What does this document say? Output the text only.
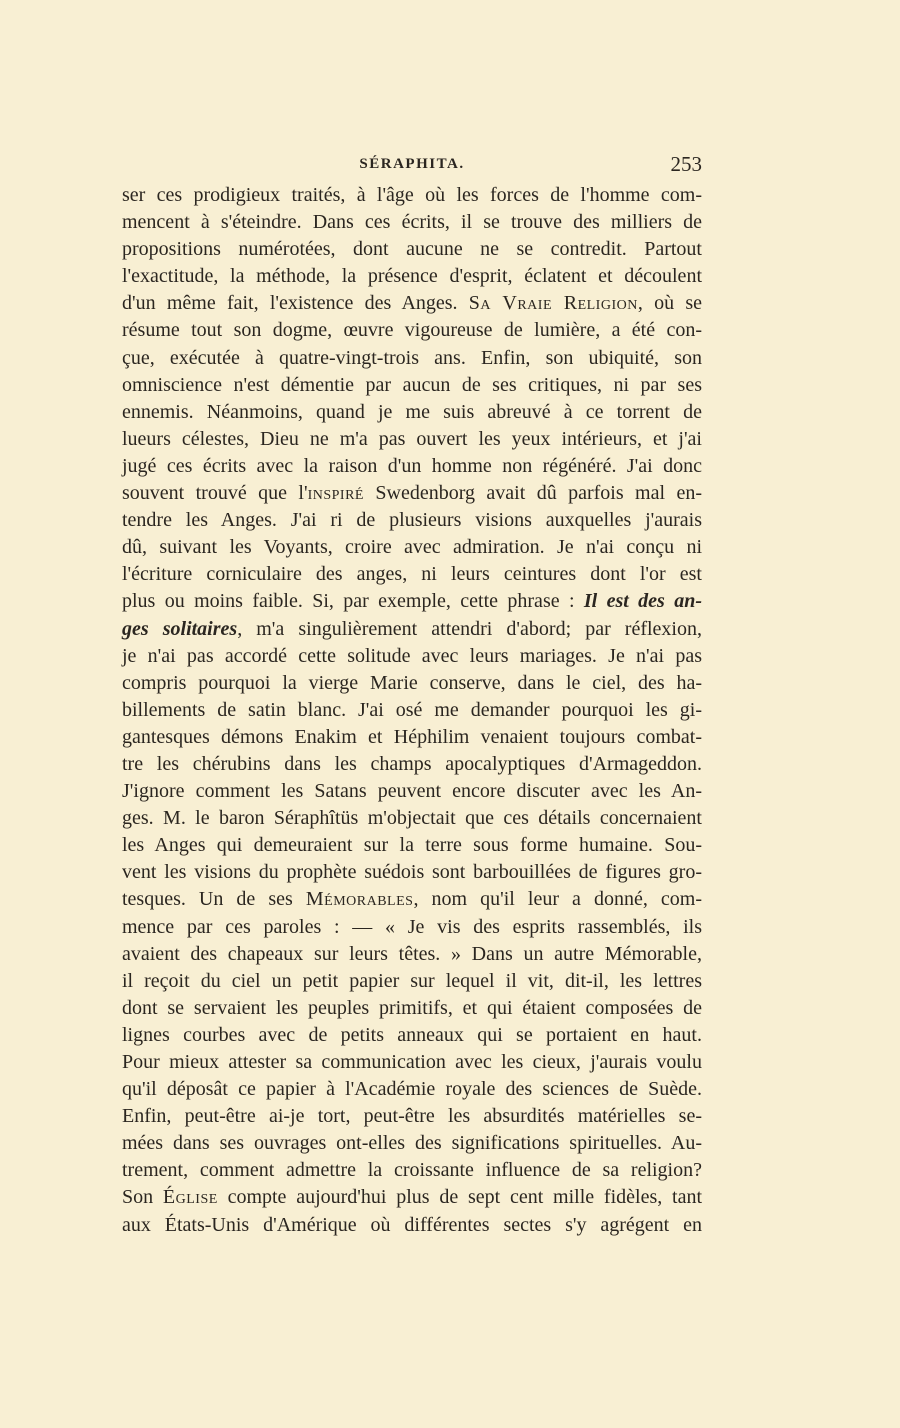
SÉRAPHITA.	253
ser ces prodigieux traités, à l'âge où les forces de l'homme com-
mencent à s'éteindre. Dans ces écrits, il se trouve des milliers de
propositions numérotées, dont aucune ne se contredit. Partout
l'exactitude, la méthode, la présence d'esprit, éclatent et découlent
d'un même fait, l'existence des Anges. Sa Vraie Religion, où se
résume tout son dogme, œuvre vigoureuse de lumière, a été con-
çue, exécutée à quatre-vingt-trois ans. Enfin, son ubiquité, son
omniscience n'est démentie par aucun de ses critiques, ni par ses
ennemis. Néanmoins, quand je me suis abreuvé à ce torrent de
lueurs célestes, Dieu ne m'a pas ouvert les yeux intérieurs, et j'ai
jugé ces écrits avec la raison d'un homme non régénéré. J'ai donc
souvent trouvé que l'inspiré Swedenborg avait dû parfois mal en-
tendre les Anges. J'ai ri de plusieurs visions auxquelles j'aurais
dû, suivant les Voyants, croire avec admiration. Je n'ai conçu ni
l'écriture corniculaire des anges, ni leurs ceintures dont l'or est
plus ou moins faible. Si, par exemple, cette phrase : Il est des an-
ges solitaires, m'a singulièrement attendri d'abord; par réflexion,
je n'ai pas accordé cette solitude avec leurs mariages. Je n'ai pas
compris pourquoi la vierge Marie conserve, dans le ciel, des ha-
billements de satin blanc. J'ai osé me demander pourquoi les gi-
gantesques démons Enakim et Héphilim venaient toujours combat-
tre les chérubins dans les champs apocalyptiques d'Armageddon.
J'ignore comment les Satans peuvent encore discuter avec les An-
ges. M. le baron Séraphîtüs m'objectait que ces détails concernaient
les Anges qui demeuraient sur la terre sous forme humaine. Sou-
vent les visions du prophète suédois sont barbouillées de figures gro-
tesques. Un de ses Mémorables, nom qu'il leur a donné, com-
mence par ces paroles : — « Je vis des esprits rassemblés, ils
avaient des chapeaux sur leurs têtes. » Dans un autre Mémorable,
il reçoit du ciel un petit papier sur lequel il vit, dit-il, les lettres
dont se servaient les peuples primitifs, et qui étaient composées de
lignes courbes avec de petits anneaux qui se portaient en haut.
Pour mieux attester sa communication avec les cieux, j'aurais voulu
qu'il déposât ce papier à l'Académie royale des sciences de Suède.
Enfin, peut-être ai-je tort, peut-être les absurdités matérielles se-
mées dans ses ouvrages ont-elles des significations spirituelles. Au-
trement, comment admettre la croissante influence de sa religion?
Son Église compte aujourd'hui plus de sept cent mille fidèles, tant
aux États-Unis d'Amérique où différentes sectes s'y agrégent en
